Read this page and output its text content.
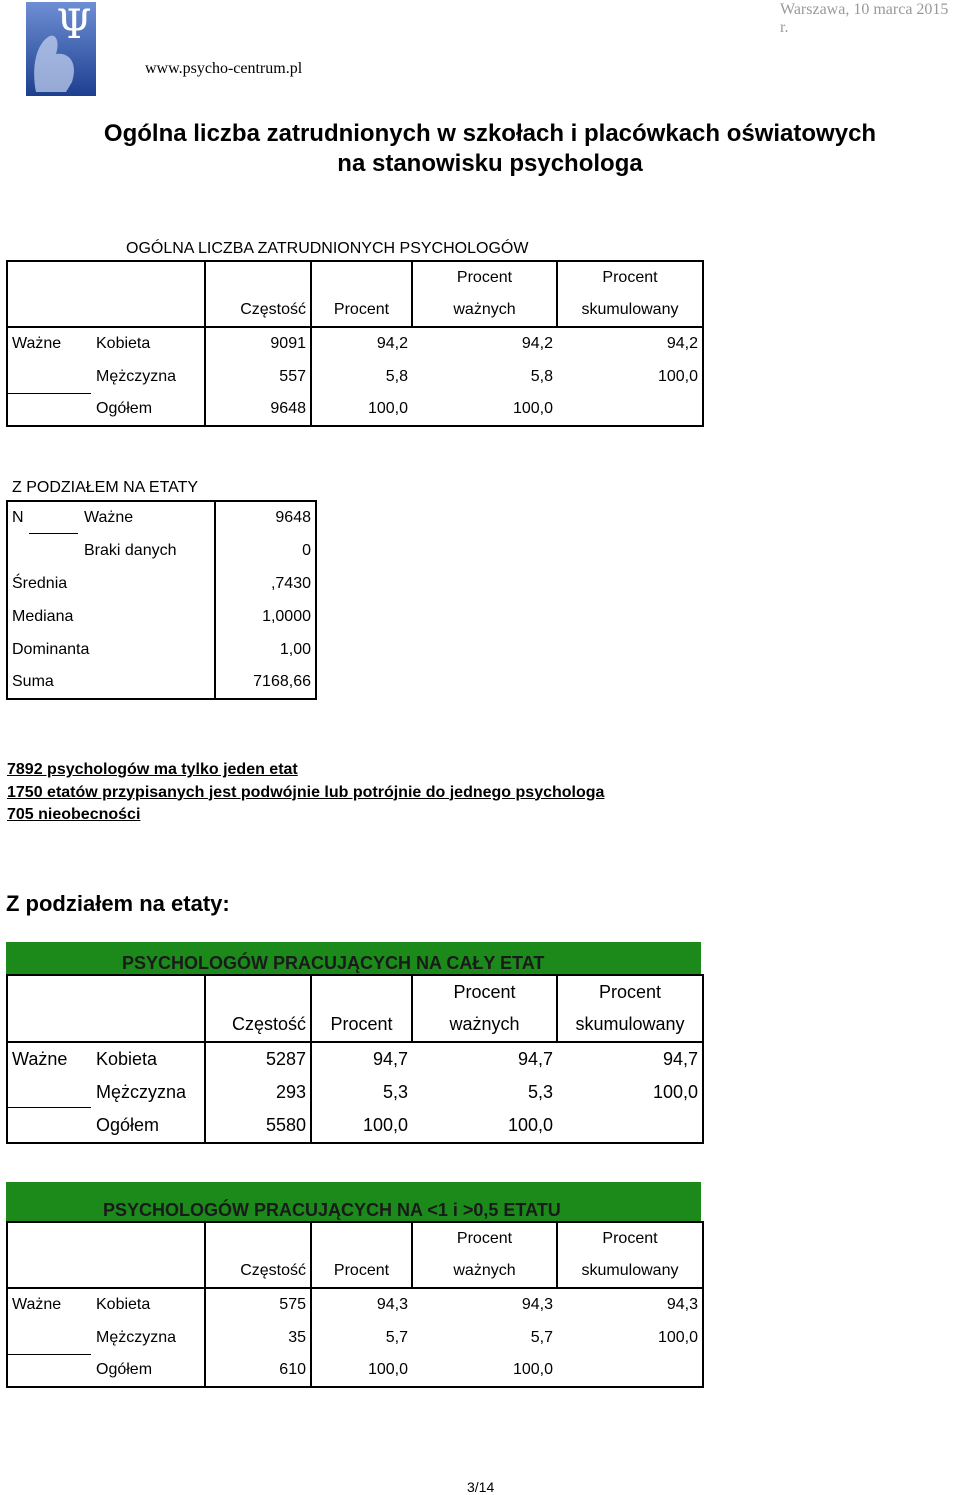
Ψ Stowarzyszenie Psychologów Polskich
www.psycho-centrum.pl
Warszawa, 10 marca 2015 r.
Ogólna liczba zatrudnionych w szkołach i placówkach oświatowych
na stanowisku psychologa
OGÓLNA LICZBA ZATRUDNIONYCH PSYCHOLOGÓW
				Procent	Procent
		Częstość	Procent	ważnych	skumulowany
Ważne	Kobieta	9091	94,2	94,2	94,2
	Mężczyzna	557	5,8	5,8	100,0
	Ogółem	9648	100,0	100,0	
Z PODZIAŁEM NA ETATY
N	Ważne	9648
	Braki danych	0
Średnia		,7430
Mediana		1,0000
Dominanta		1,00
Suma		7168,66
7892 psychologów ma tylko jeden etat
1750 etatów przypisanych jest podwójnie lub potrójnie do jednego psychologa
705 nieobecności
Z podziałem na etaty:
PSYCHOLOGÓW PRACUJĄCYCH NA CAŁY ETAT
				Procent	Procent
		Częstość	Procent	ważnych	skumulowany
Ważne	Kobieta	5287	94,7	94,7	94,7
	Mężczyzna	293	5,3	5,3	100,0
	Ogółem	5580	100,0	100,0	
PSYCHOLOGÓW PRACUJĄCYCH NA <1 i >0,5 ETATU
				Procent	Procent
		Częstość	Procent	ważnych	skumulowany
Ważne	Kobieta	575	94,3	94,3	94,3
	Mężczyzna	35	5,7	5,7	100,0
	Ogółem	610	100,0	100,0	
3/14
